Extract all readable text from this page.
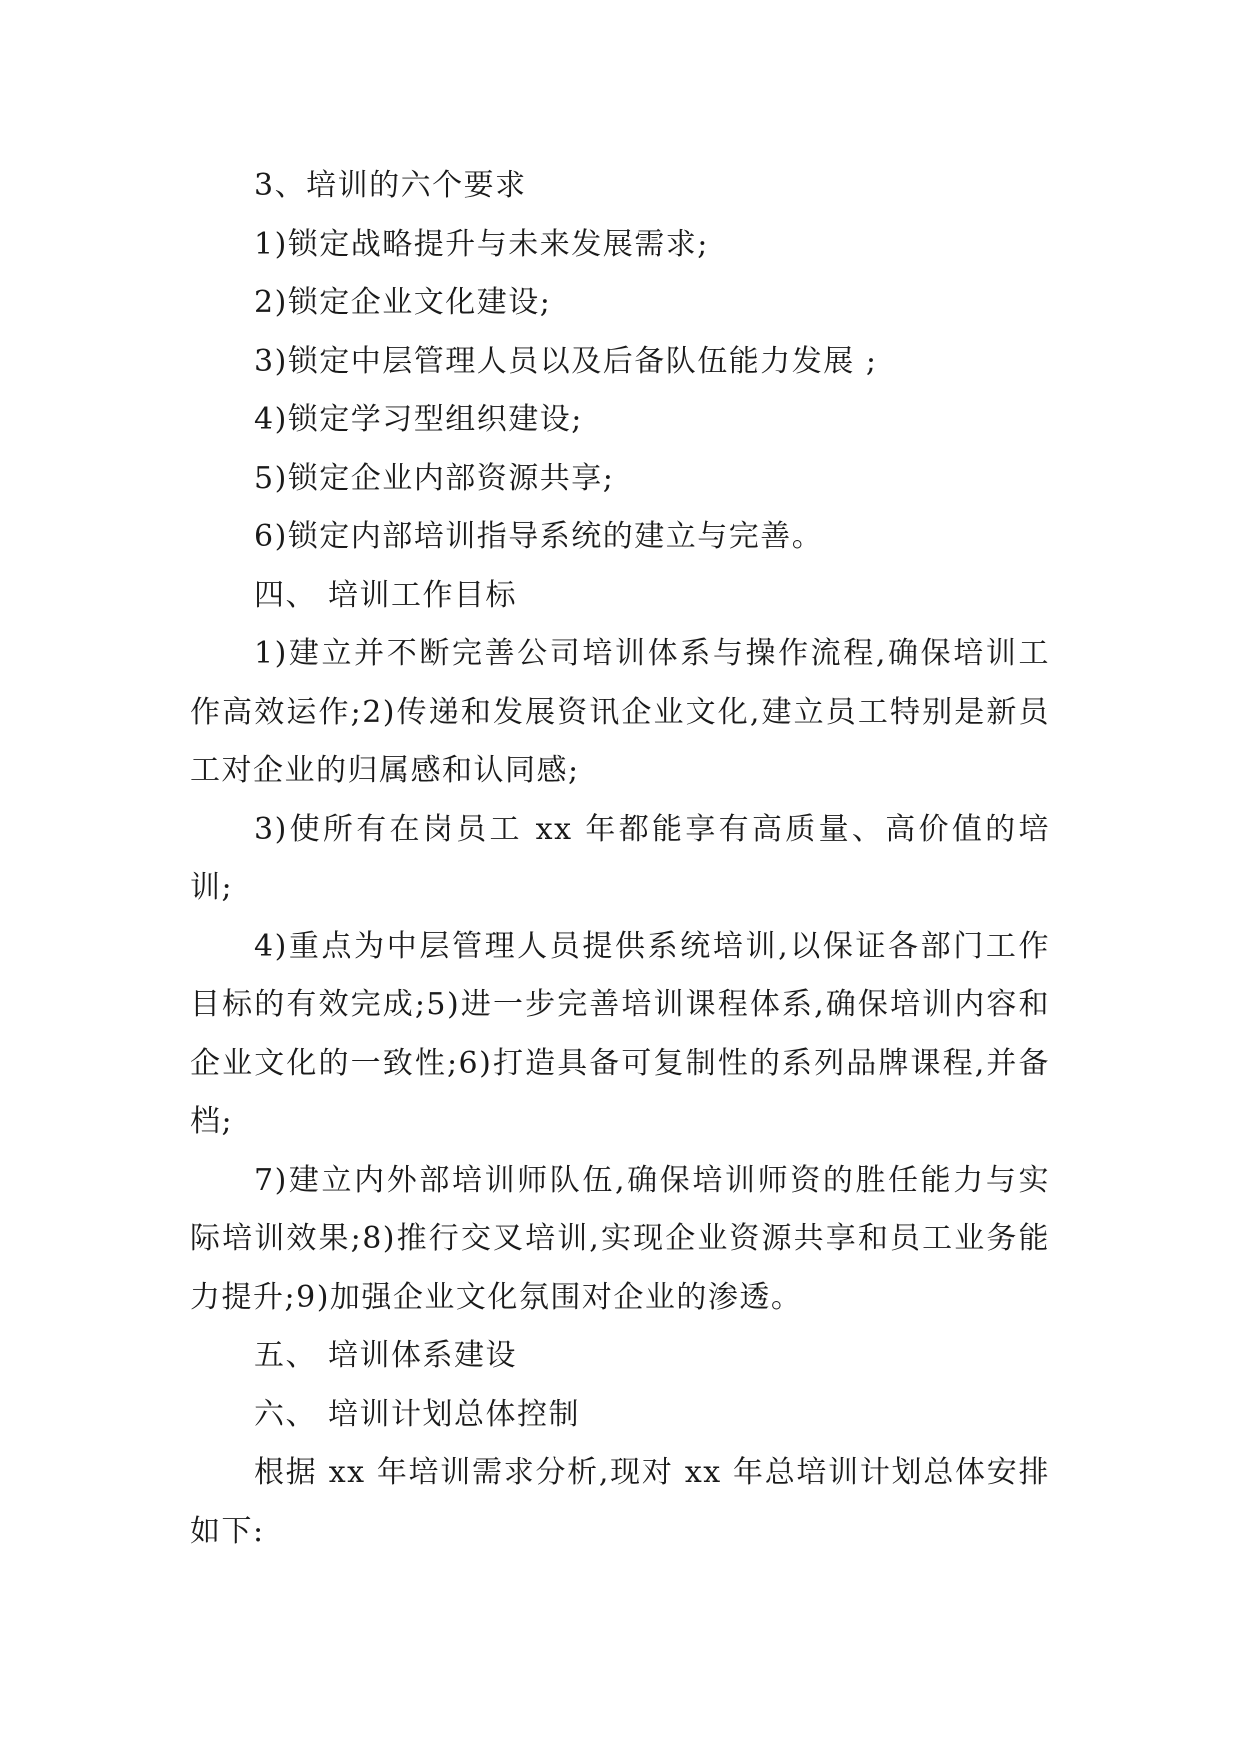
3、培训的六个要求

1)锁定战略提升与未来发展需求;

2)锁定企业文化建设;

3)锁定中层管理人员以及后备队伍能力发展 ;

4)锁定学习型组织建设;

5)锁定企业内部资源共享;

6)锁定内部培训指导系统的建立与完善。

四、 培训工作目标

1)建立并不断完善公司培训体系与操作流程,确保培训工作高效运作;2)传递和发展资讯企业文化,建立员工特别是新员工对企业的归属感和认同感;

3)使所有在岗员工 xx 年都能享有高质量、高价值的培训;

4)重点为中层管理人员提供系统培训,以保证各部门工作目标的有效完成;5)进一步完善培训课程体系,确保培训内容和企业文化的一致性;6)打造具备可复制性的系列品牌课程,并备档;

7)建立内外部培训师队伍,确保培训师资的胜任能力与实际培训效果;8)推行交叉培训,实现企业资源共享和员工业务能力提升;9)加强企业文化氛围对企业的渗透。

五、 培训体系建设

六、 培训计划总体控制

根据 xx 年培训需求分析,现对 xx 年总培训计划总体安排如下:
